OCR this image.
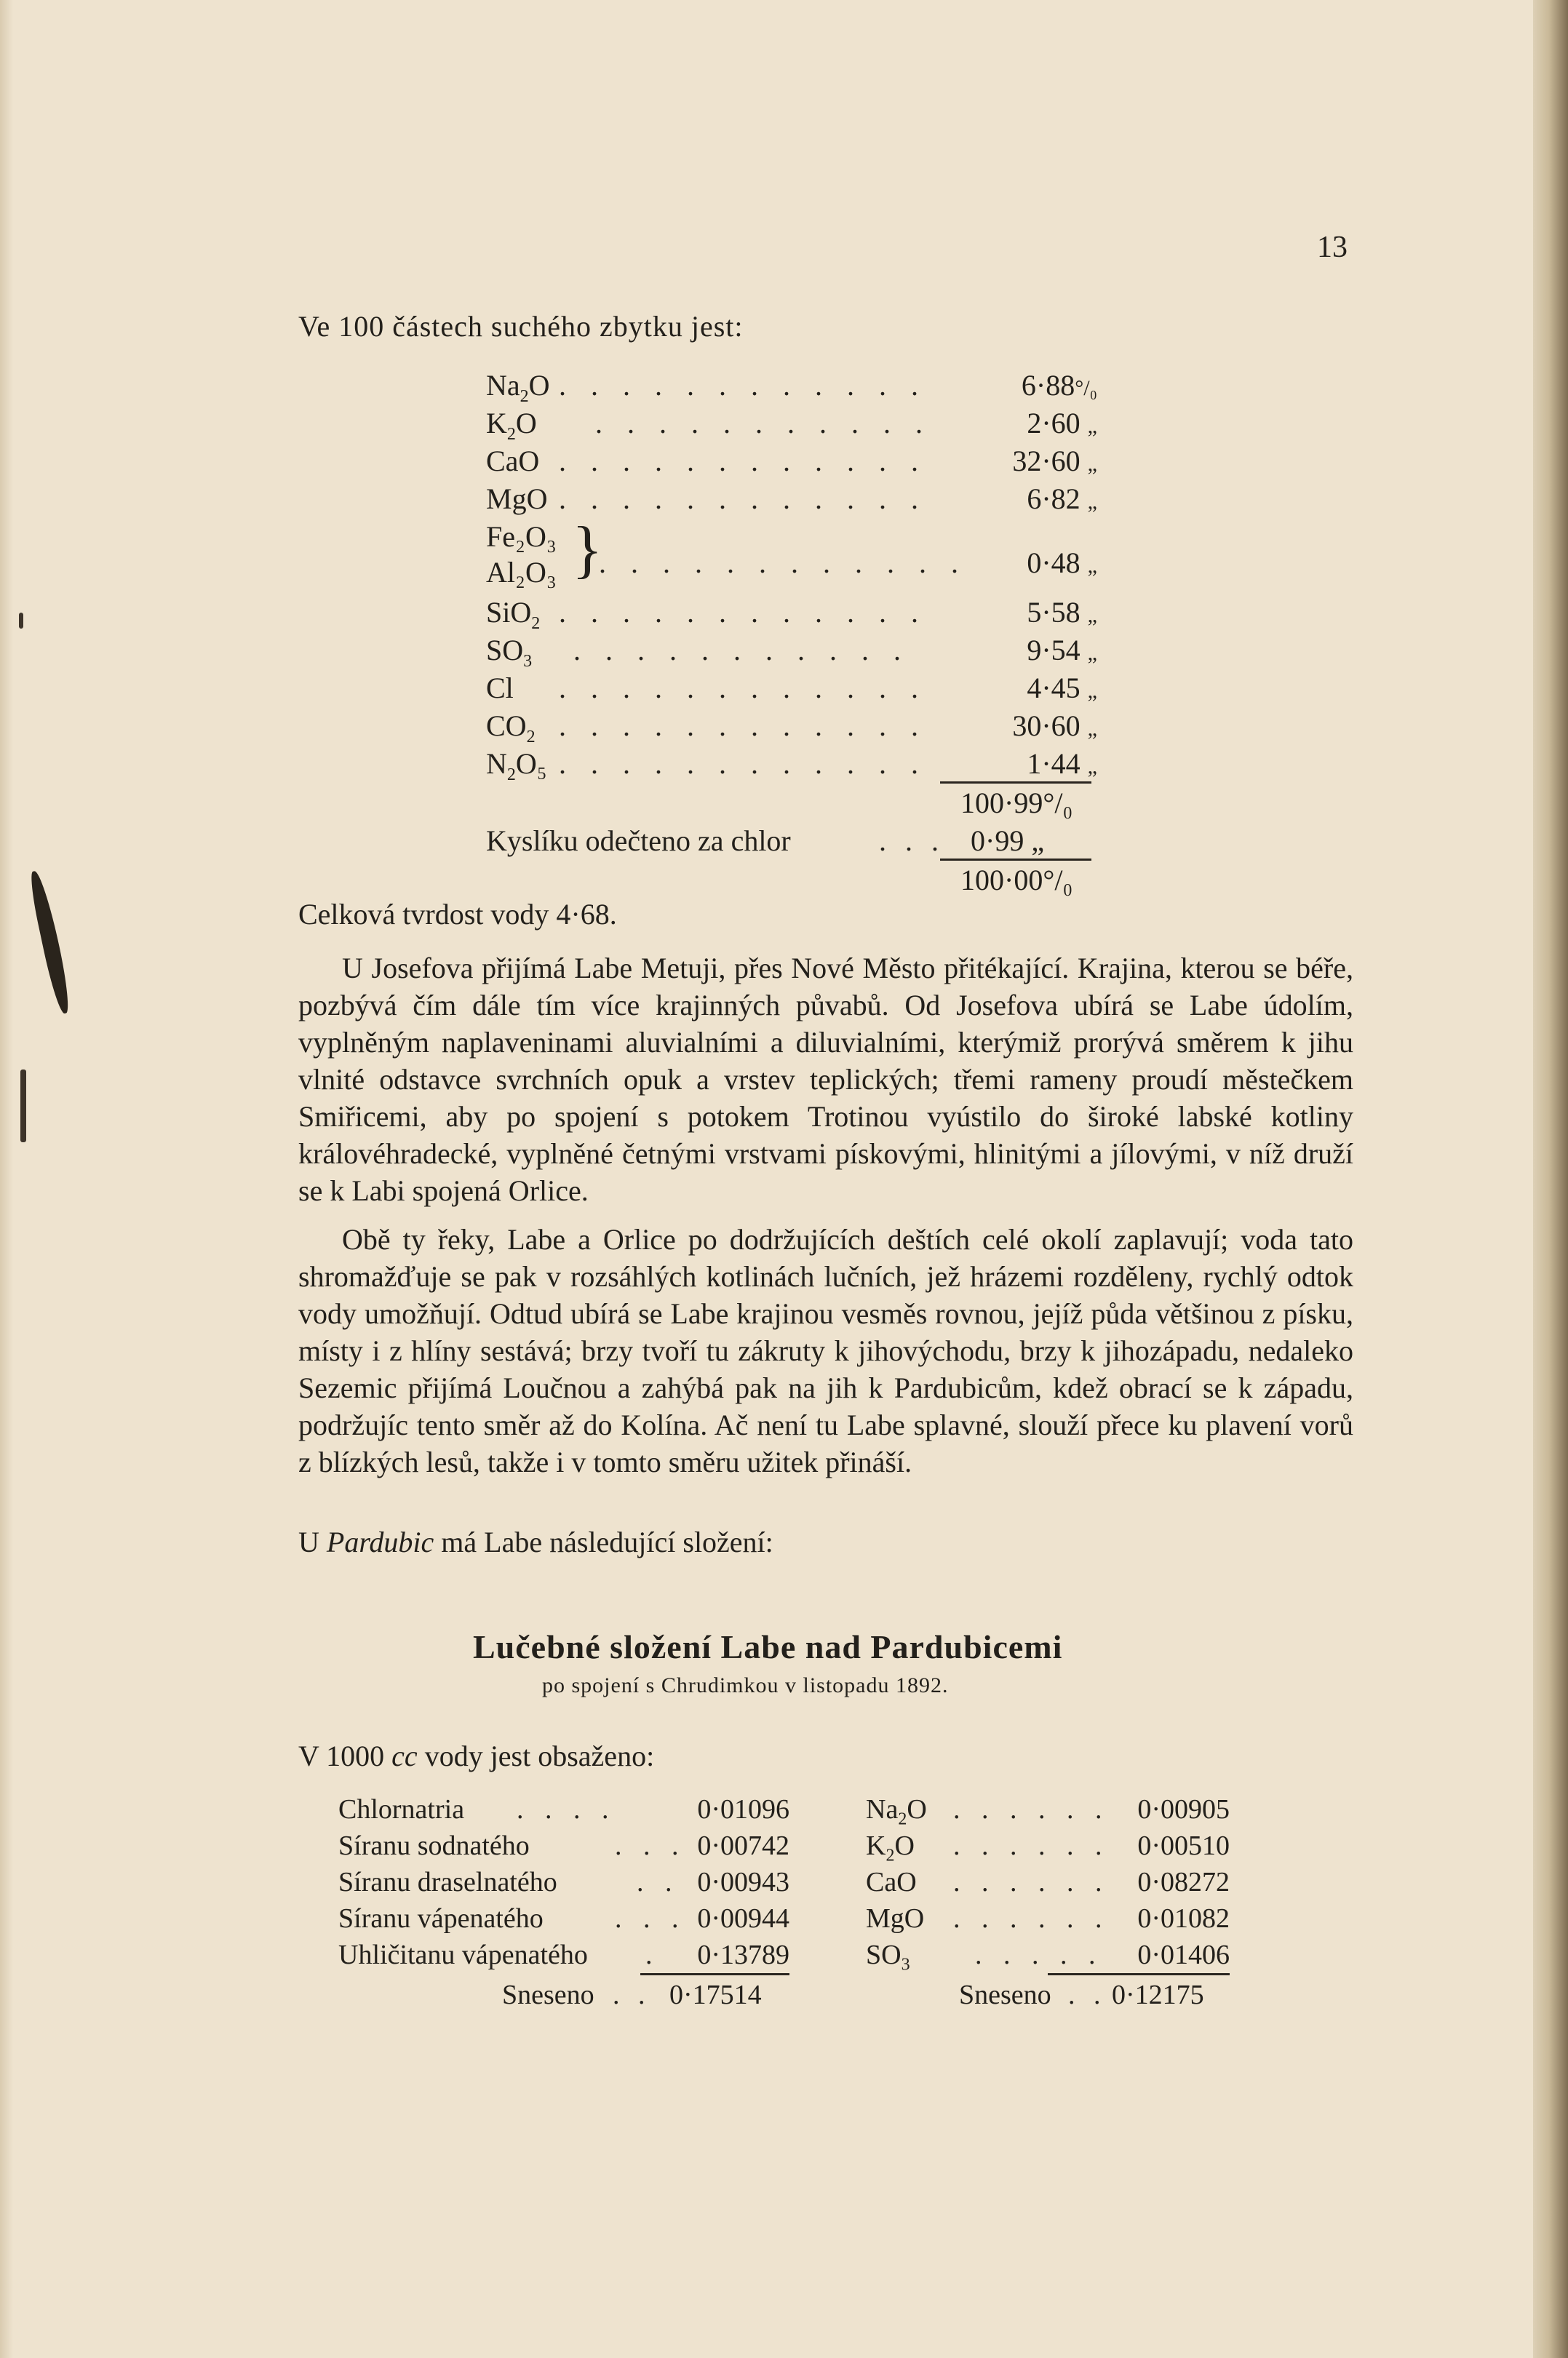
13
Ve 100 částech suchého zbytku jest:
$Na_2O$ . . . . . . . . . . . .	6·88°/₀
$K_2O$ . . . . . . . . . . .	2·60 „
CaO . . . . . . . . . . . .	32·60 „
MgO . . . . . . . . . . . .	6·82 „
Fe₂O₃
Al₂O₃ }
. . . . . . . . . . . . 0·48 „
SiO$_2$ . . . . . . . . . . . .	5·58 „
$SO_3$ . . . . . . . . . . .	9·54 „
Cl . . . . . . . . . . . .	4·45 „
$CO_2$ . . . . . . . . . . . .	30·60 „
$N_2O_5$ . . . . . . . . . . . .	1·44 „
100·99°/₀
Kyslíku odečteno za chlor	. . . 0·99 „
100·00°/₀
Celková tvrdost vody 4·68.

U Josefova přijímá Labe Metuji, přes Nové Město přitékající. Krajina, kterou se béře, pozbývá čím dále tím více krajinných půvabů. Od Josefova ubírá se Labe údolím, vyplněným naplaveninami aluvialními a diluvialními, kterýmiž prorývá směrem k jihu vlnité odstavce svrchních opuk a vrstev teplických; třemi rameny proudí městečkem Smiřicemi, aby po spojení s potokem Trotinou vyústilo do široké labské kotliny královéhradecké, vyplněné četnými vrstvami pískovými, hlinitými a jílovými, v níž druží se k Labi spojená Orlice.

Obě ty řeky, Labe a Orlice po dodržujících deštích celé okolí zaplavují; voda tato shromažďuje se pak v rozsáhlých kotlinách lučních, jež hrázemi rozděleny, rychlý odtok vody umožňují. Odtud ubírá se Labe krajinou vesměs rovnou, jejíž půda většinou z písku, místy i z hlíny sestává; brzy tvoří tu zákruty k jihovýchodu, brzy k jihozápadu, nedaleko Sezemic přijímá Loučnou a zahýbá pak na jih k Pardubicům, kdež obrací se k západu, podržujíc tento směr až do Kolína. Ač není tu Labe splavné, slouží přece ku plavení vorů z blízkých lesů, takže i v tomto směru užitek přináší.

U Pardubic má Labe následující složení:
Lučebné složení Labe nad Pardubicemi
po spojení s Chrudimkou v listopadu 1892.
V 1000 cc vody jest obsaženo:
Chlornatria . . . .	0·01096
Síranu sodnatého	. . . 0·00742
Síranu draselnatého	. . 0·00943
Síranu vápenatého	. . . 0·00944
Uhličitanu vápenatého . 0·13789
Sneseno . . 0·17514
$Na_2O$ . . . . . . 0·00905
$K_2O$ . . . . . . 0·00510
CaO . . . . . . 0·08272
MgO . . . . . . 0·01082
$SO_3$ . . . . . 0·01406
Sneseno . . 0·12175
